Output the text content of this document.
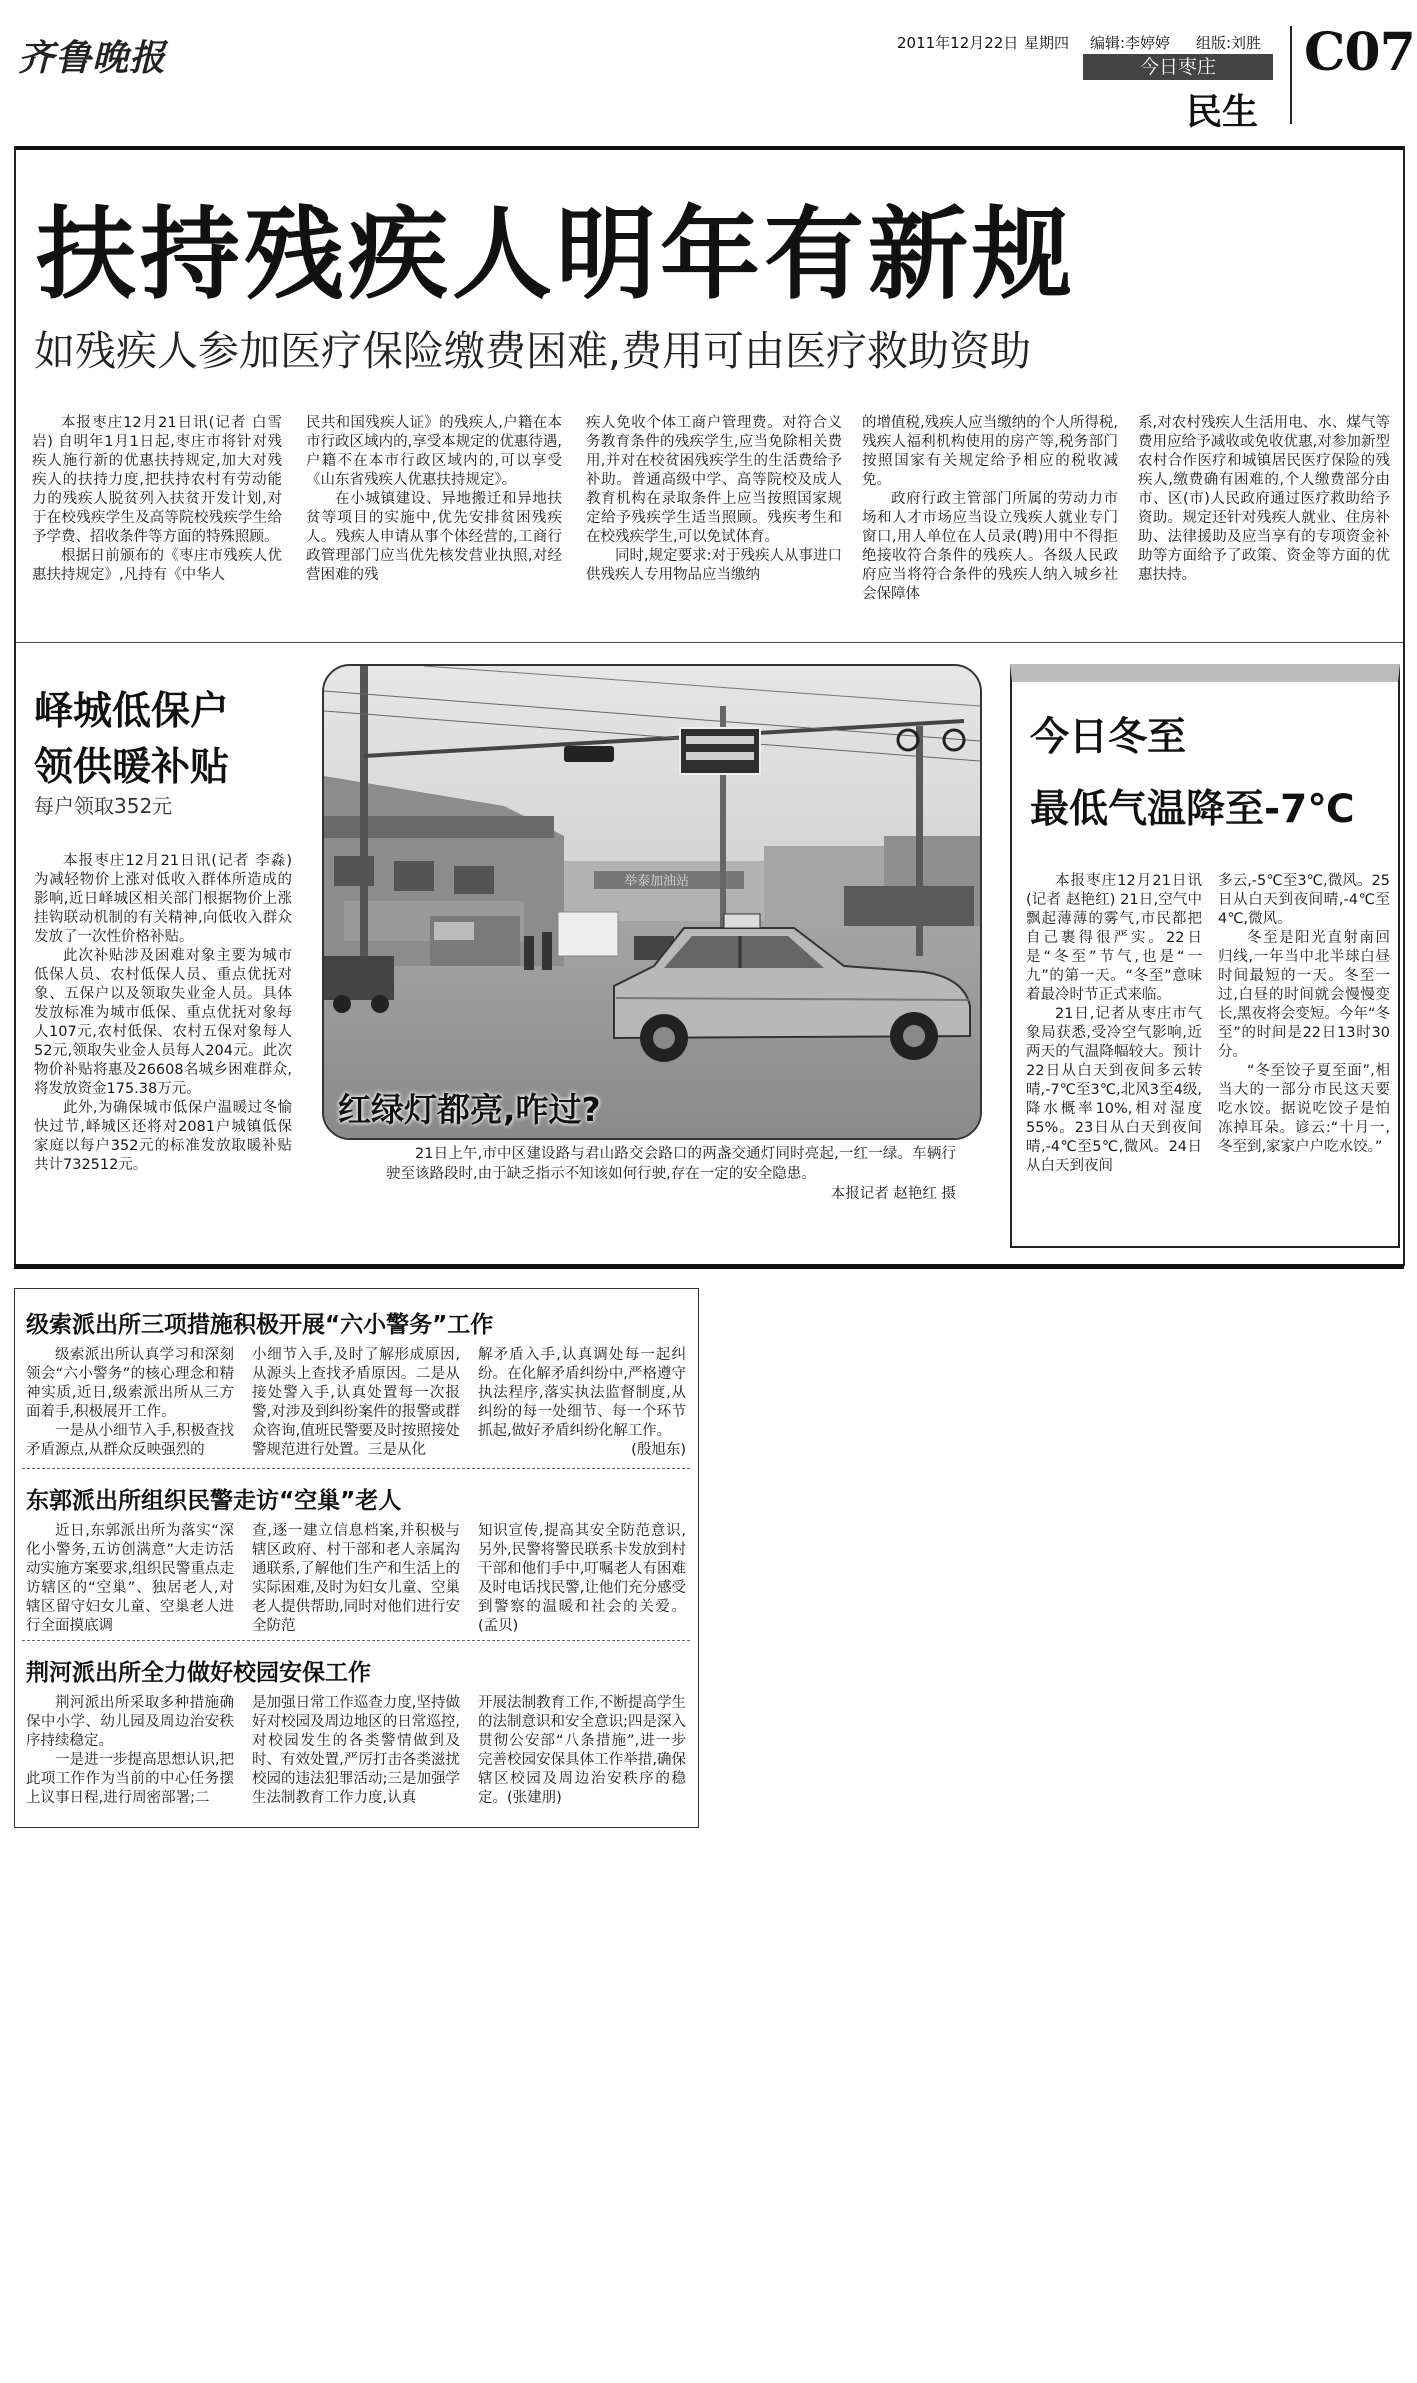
齐鲁晚报	2011年12月22日 星期四 编辑:李婷婷 组版:刘胜
今日枣庄
民生
C07
扶持残疾人明年有新规
如残疾人参加医疗保险缴费困难,费用可由医疗救助资助

本报枣庄12月21日讯(记者 白雪岩) 自明年1月1日起,枣庄市将针对残疾人施行新的优惠扶持规定,加大对残疾人的扶持力度,把扶持农村有劳动能力的残疾人脱贫列入扶贫开发计划,对于在校残疾学生及高等院校残疾学生给予学费、招收条件等方面的特殊照顾。

根据日前颁布的《枣庄市残疾人优惠扶持规定》,凡持有《中华人

民共和国残疾人证》的残疾人,户籍在本市行政区域内的,享受本规定的优惠待遇,户籍不在本市行政区域内的,可以享受《山东省残疾人优惠扶持规定》。

在小城镇建设、异地搬迁和异地扶贫等项目的实施中,优先安排贫困残疾人。残疾人申请从事个体经营的,工商行政管理部门应当优先核发营业执照,对经营困难的残

疾人免收个体工商户管理费。对符合义务教育条件的残疾学生,应当免除相关费用,并对在校贫困残疾学生的生活费给予补助。普通高级中学、高等院校及成人教育机构在录取条件上应当按照国家规定给予残疾学生适当照顾。残疾考生和在校残疾学生,可以免试体育。

同时,规定要求:对于残疾人从事进口供残疾人专用物品应当缴纳

的增值税,残疾人应当缴纳的个人所得税,残疾人福利机构使用的房产等,税务部门按照国家有关规定给予相应的税收减免。

政府行政主管部门所属的劳动力市场和人才市场应当设立残疾人就业专门窗口,用人单位在人员录(聘)用中不得拒绝接收符合条件的残疾人。各级人民政府应当将符合条件的残疾人纳入城乡社会保障体

系,对农村残疾人生活用电、水、煤气等费用应给予减收或免收优惠,对参加新型农村合作医疗和城镇居民医疗保险的残疾人,缴费确有困难的,个人缴费部分由市、区(市)人民政府通过医疗救助给予资助。规定还针对残疾人就业、住房补助、法律援助及应当享有的专项资金补助等方面给予了政策、资金等方面的优惠扶持。

峄城低保户
领供暖补贴
每户领取352元

本报枣庄12月21日讯(记者 李淼) 为减轻物价上涨对低收入群体所造成的影响,近日峄城区相关部门根据物价上涨挂钩联动机制的有关精神,向低收入群众发放了一次性价格补贴。

此次补贴涉及困难对象主要为城市低保人员、农村低保人员、重点优抚对象、五保户以及领取失业金人员。具体发放标准为城市低保、重点优抚对象每人107元,农村低保、农村五保对象每人52元,领取失业金人员每人204元。此次物价补贴将惠及26608名城乡困难群众,将发放资金175.38万元。

此外,为确保城市低保户温暖过冬愉快过节,峄城区还将对2081户城镇低保家庭以每户352元的标准发放取暖补贴共计732512元。

举泰加油站
红绿灯都亮,咋过?
21日上午,市中区建设路与君山路交会路口的两盏交通灯同时亮起,一红一绿。车辆行驶至该路段时,由于缺乏指示不知该如何行驶,存在一定的安全隐患。
本报记者 赵艳红 摄
今日冬至
最低气温降至-7℃

本报枣庄12月21日讯(记者 赵艳红) 21日,空气中飘起薄薄的雾气,市民都把自己裹得很严实。22日是“冬至”节气,也是“一九”的第一天。“冬至”意味着最冷时节正式来临。

21日,记者从枣庄市气象局获悉,受冷空气影响,近两天的气温降幅较大。预计22日从白天到夜间多云转晴,-7℃至3℃,北风3至4级,降水概率10%,相对湿度55%。23日从白天到夜间晴,-4℃至5℃,微风。24日从白天到夜间

多云,-5℃至3℃,微风。25日从白天到夜间晴,-4℃至4℃,微风。

冬至是阳光直射南回归线,一年当中北半球白昼时间最短的一天。冬至一过,白昼的时间就会慢慢变长,黑夜将会变短。今年“冬至”的时间是22日13时30分。

“冬至饺子夏至面”,相当大的一部分市民这天要吃水饺。据说吃饺子是怕冻掉耳朵。谚云:“十月一,冬至到,家家户户吃水饺。”

级索派出所三项措施积极开展“六小警务”工作

级索派出所认真学习和深刻领会“六小警务”的核心理念和精神实质,近日,级索派出所从三方面着手,积极展开工作。

一是从小细节入手,积极查找矛盾源点,从群众反映强烈的

小细节入手,及时了解形成原因,从源头上查找矛盾原因。二是从接处警入手,认真处置每一次报警,对涉及到纠纷案件的报警或群众咨询,值班民警要及时按照接处警规范进行处置。三是从化

解矛盾入手,认真调处每一起纠纷。在化解矛盾纠纷中,严格遵守执法程序,落实执法监督制度,从纠纷的每一处细节、每一个环节抓起,做好矛盾纠纷化解工作。

(殷旭东)
东郭派出所组织民警走访“空巢”老人

近日,东郭派出所为落实“深化小警务,五访创满意”大走访活动实施方案要求,组织民警重点走访辖区的“空巢”、独居老人,对辖区留守妇女儿童、空巢老人进行全面摸底调

查,逐一建立信息档案,并积极与辖区政府、村干部和老人亲属沟通联系,了解他们生产和生活上的实际困难,及时为妇女儿童、空巢老人提供帮助,同时对他们进行安全防范

知识宣传,提高其安全防范意识,另外,民警将警民联系卡发放到村干部和他们手中,叮嘱老人有困难及时电话找民警,让他们充分感受到警察的温暖和社会的关爱。(孟贝)

荆河派出所全力做好校园安保工作

荆河派出所采取多种措施确保中小学、幼儿园及周边治安秩序持续稳定。

一是进一步提高思想认识,把此项工作作为当前的中心任务摆上议事日程,进行周密部署;二

是加强日常工作巡查力度,坚持做好对校园及周边地区的日常巡控,对校园发生的各类警情做到及时、有效处置,严厉打击各类滋扰校园的违法犯罪活动;三是加强学生法制教育工作力度,认真

开展法制教育工作,不断提高学生的法制意识和安全意识;四是深入贯彻公安部“八条措施”,进一步完善校园安保具体工作举措,确保辖区校园及周边治安秩序的稳定。(张建朋)
